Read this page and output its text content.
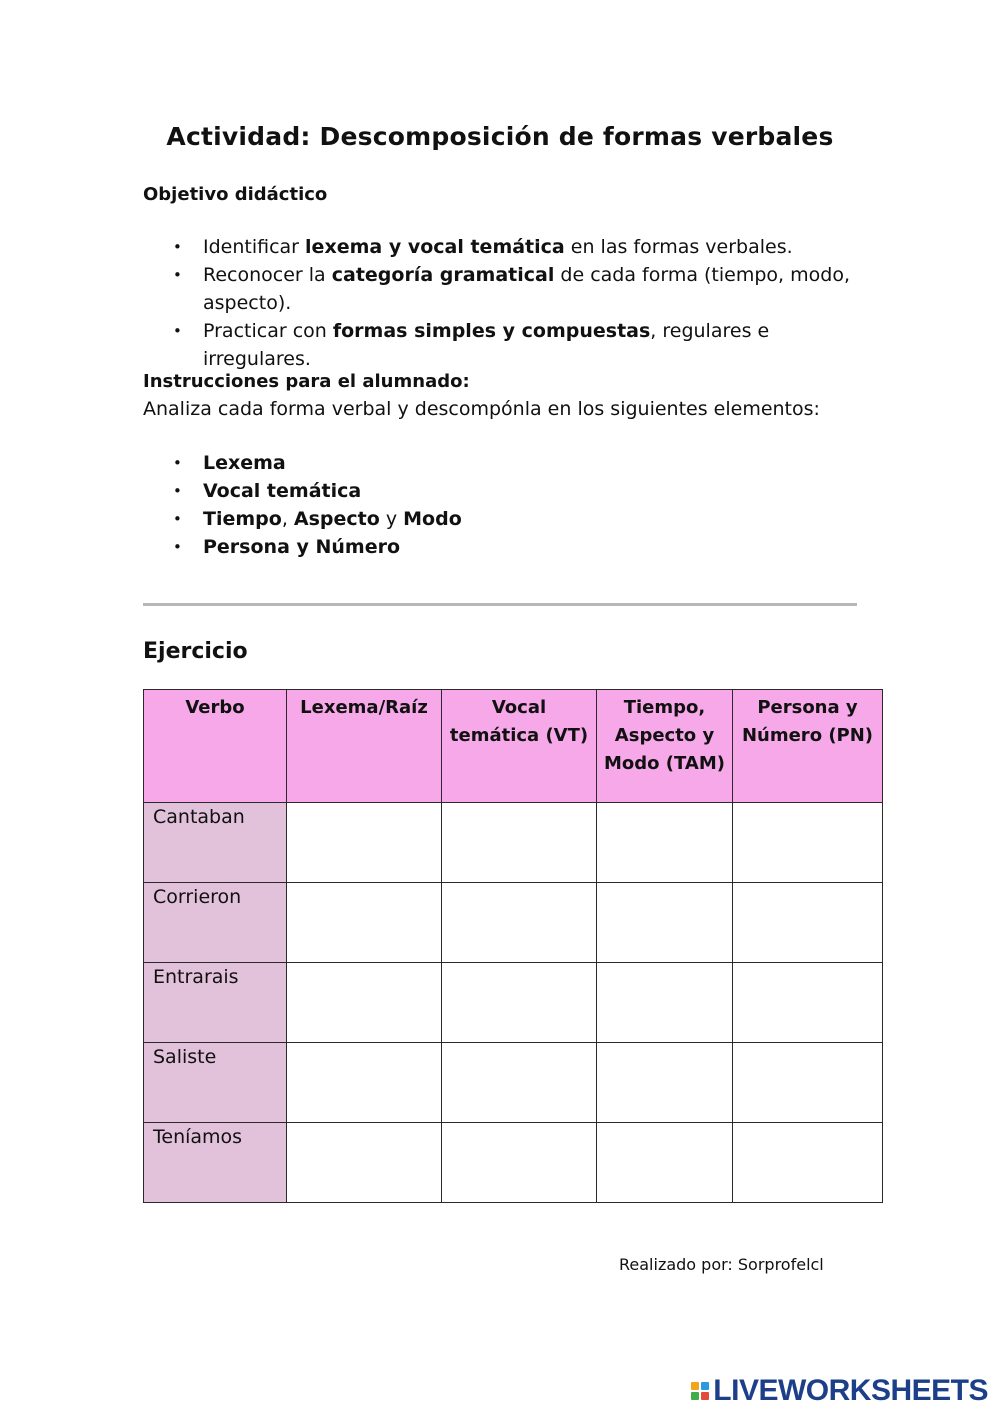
Actividad: Descomposición de formas verbales
Objetivo didáctico
• Identificar lexema y vocal temática en las formas verbales.
• Reconocer la categoría gramatical de cada forma (tiempo, modo, aspecto).
• Practicar con formas simples y compuestas, regulares e irregulares.
Instrucciones para el alumnado:
Analiza cada forma verbal y descompónla en los siguientes elementos:
• Lexema
• Vocal temática
• Tiempo, Aspecto y Modo
• Persona y Número
Ejercicio
Verbo	Lexema/Raíz	Vocal temática (VT)	Tiempo, Aspecto y Modo (TAM)	Persona y Número (PN)
Cantaban				
Corrieron				
Entrarais				
Saliste				
Teníamos				
Realizado por: Sorprofelcl
LIVEWORKSHEETS
